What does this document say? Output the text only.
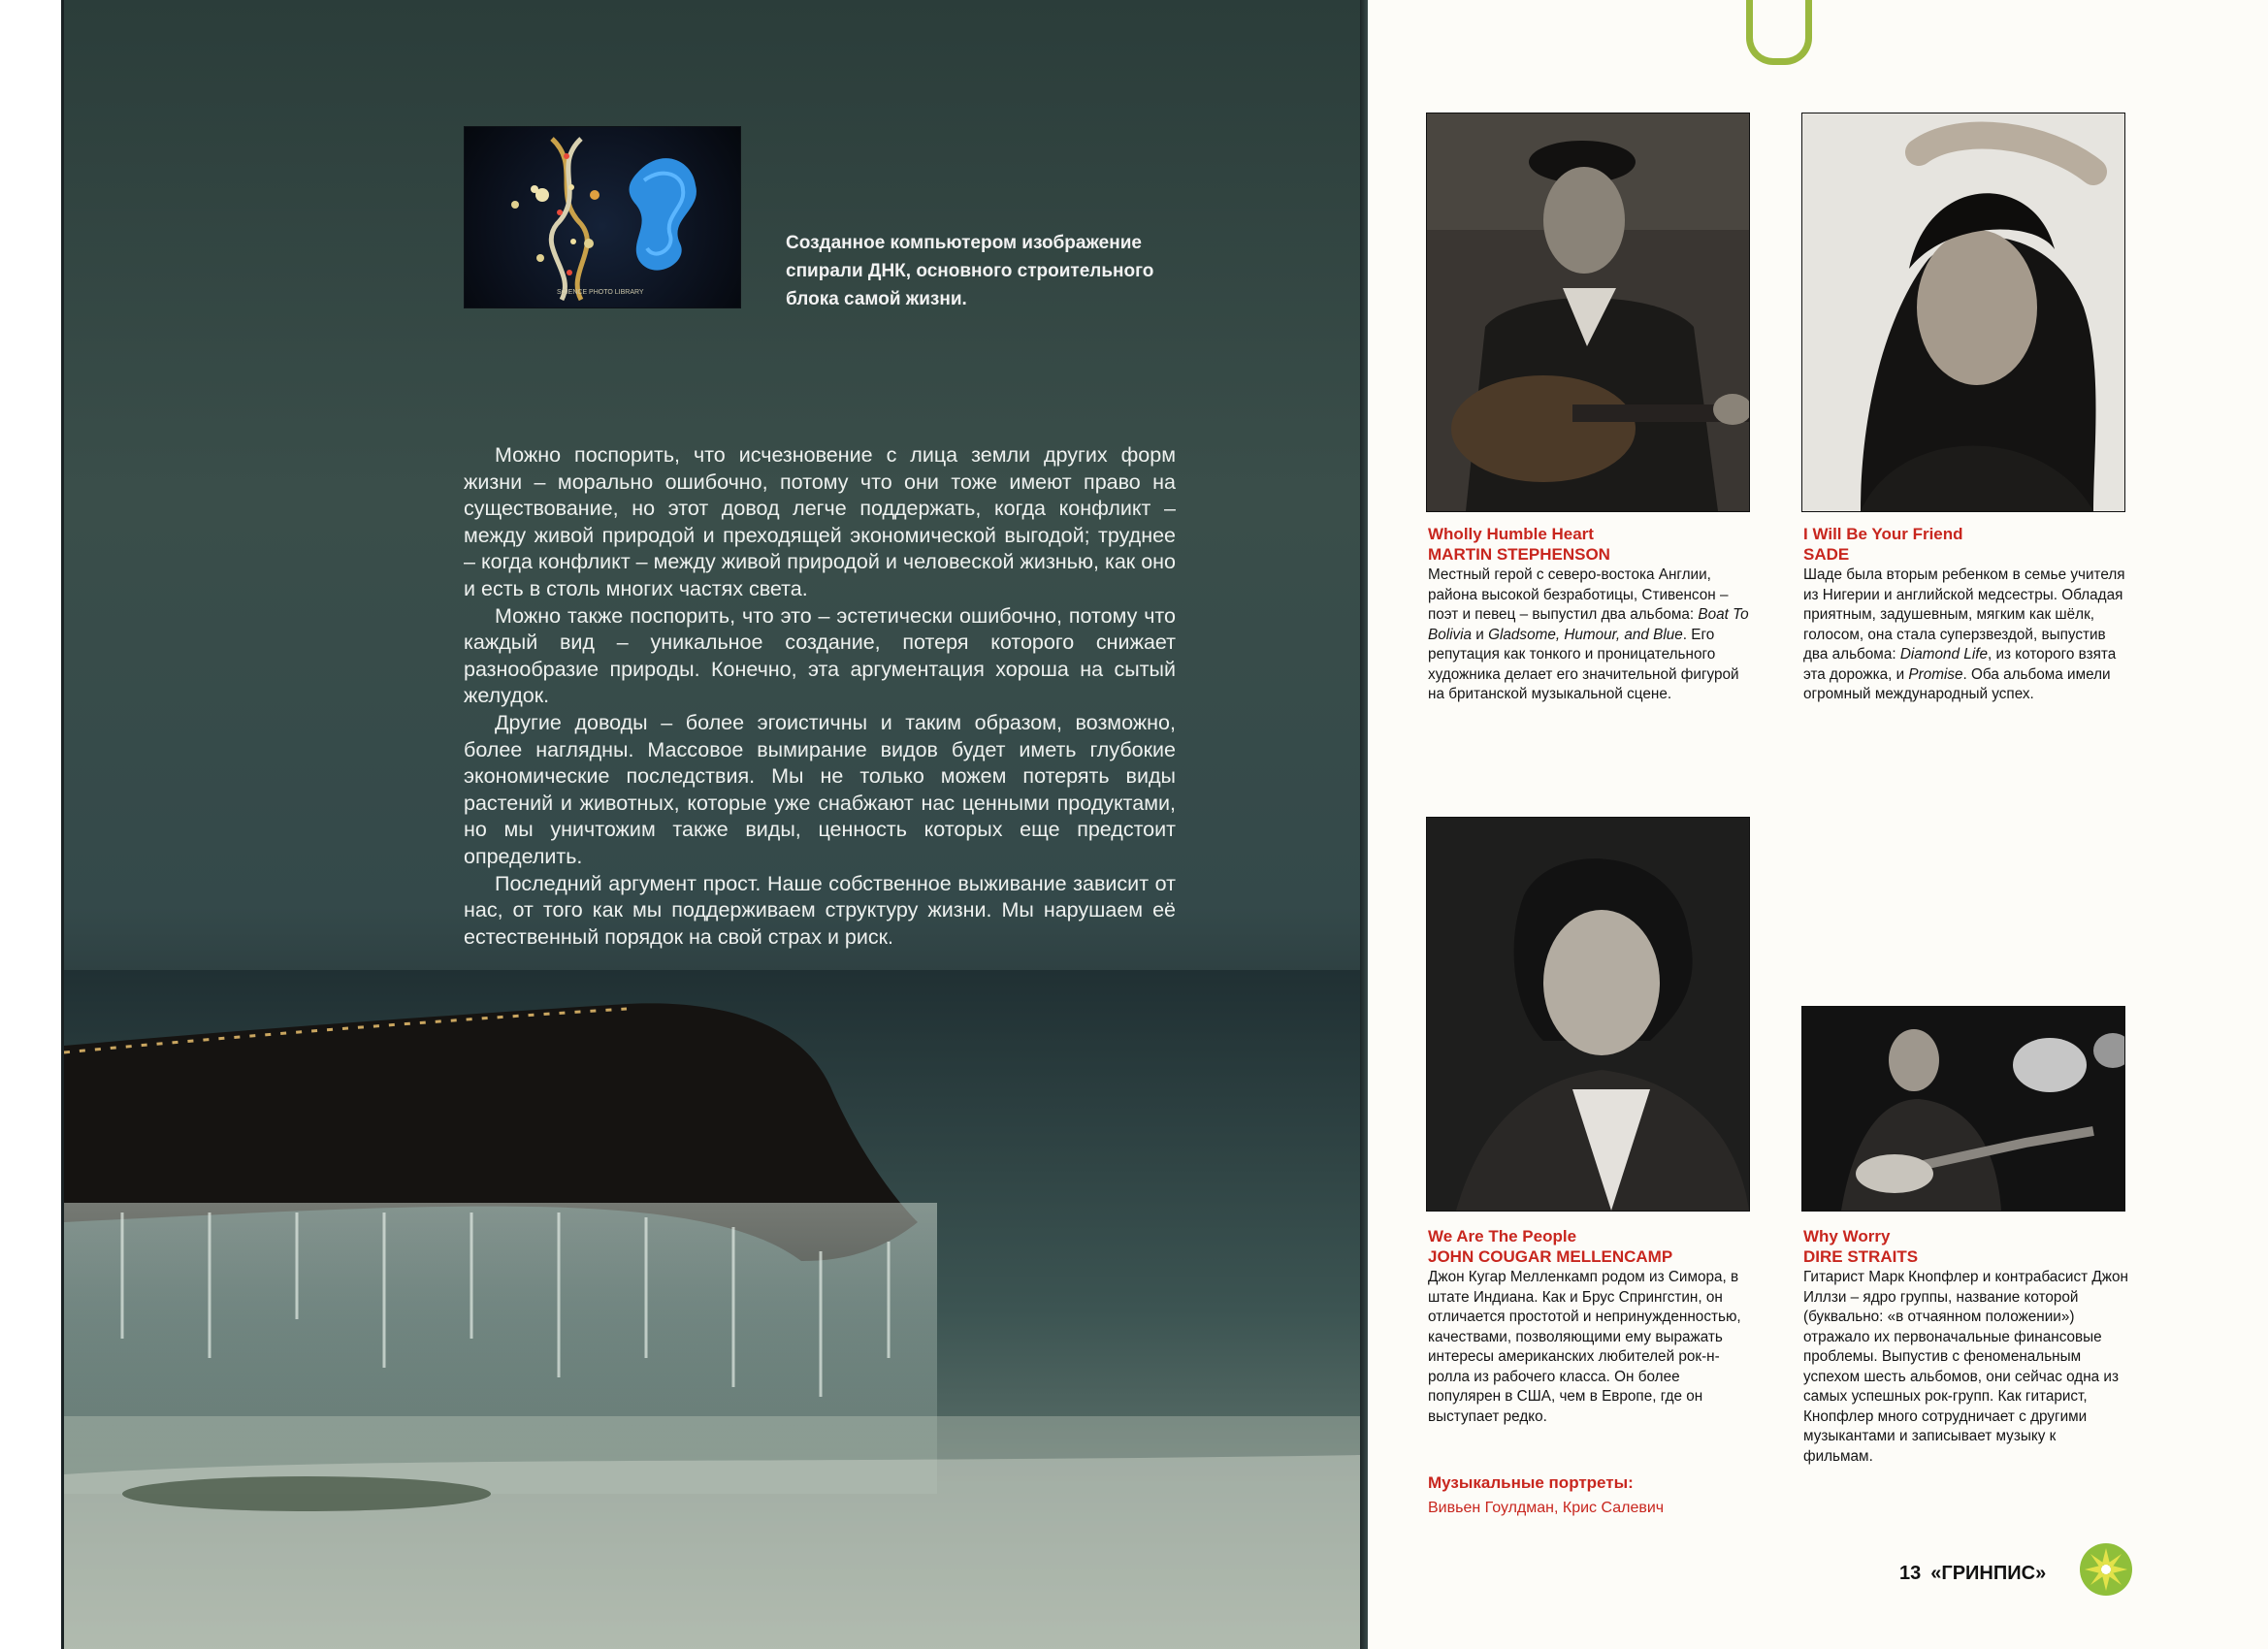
SCIENCE PHOTO LIBRARY
Созданное компьютером изображение спирали ДНК, основного строительного блока самой жизни.

Можно поспорить, что исчезновение с лица земли других форм жизни – морально ошибочно, потому что они тоже имеют право на существование, но этот довод легче поддержать, когда конфликт – между живой природой и преходящей экономической выгодой; труднее – когда конфликт – между живой природой и человеской жизнью, как оно и есть в столь многих частях света.

Можно также поспорить, что это – эстетически ошибочно, потому что каждый вид – уникальное создание, потеря которого снижает разнообразие природы. Конечно, эта аргументация хороша на сытый желудок.

Другие доводы – более эгоистичны и таким образом, возможно, более наглядны. Массовое вымирание видов будет иметь глубокие экономические последствия. Мы не только можем потерять виды растений и животных, которые уже снабжают нас ценными продуктами, но мы уничтожим также виды, ценность которых еще предстоит определить.

Последний аргумент прост. Наше собственное выживание зависит от нас, от того как мы поддерживаем структуру жизни. Мы нарушаем её естественный порядок на свой страх и риск.

Wholly Humble Heart
MARTIN STEPHENSON
Местный герой с северо-востока Англии, района высокой безработицы, Стивенсон – поэт и певец – выпустил два альбома: Boat To Bolivia и Gladsome, Humour, and Blue. Его репутация как тонкого и проницательного художника делает его значительной фигурой на британской музыкальной сцене.
I Will Be Your Friend
SADE
Шаде была вторым ребенком в семье учителя из Нигерии и английской медсестры. Обладая приятным, задушевным, мягким как шёлк, голосом, она стала суперзвездой, выпустив два альбома: Diamond Life, из которого взята эта дорожка, и Promise. Оба альбома имели огромный международный успех.
We Are The People
JOHN COUGAR MELLENCAMP
Джон Кугар Мелленкамп родом из Симора, в штате Индиана. Как и Брус Спрингстин, он отличается простотой и непринужденностью, качествами, позволяющими ему выражать интересы американских любителей рок-н-ролла из рабочего класса. Он более популярен в США, чем в Европе, где он выступает редко.
Why Worry
DIRE STRAITS
Гитарист Марк Кнопфлер и контрабасист Джон Иллзи – ядро группы, название которой (буквально: «в отчаянном положении») отражало их первоначальные финансовые проблемы. Выпустив с феноменальным успехом шесть альбомов, они сейчас одна из самых успешных рок-групп. Как гитарист, Кнопфлер много сотрудничает с другими музыкантами и записывает музыку к фильмам.
Музыкальные портреты:
Вивьен Гоулдман, Крис Салевич
13 «ГРИНПИС»
